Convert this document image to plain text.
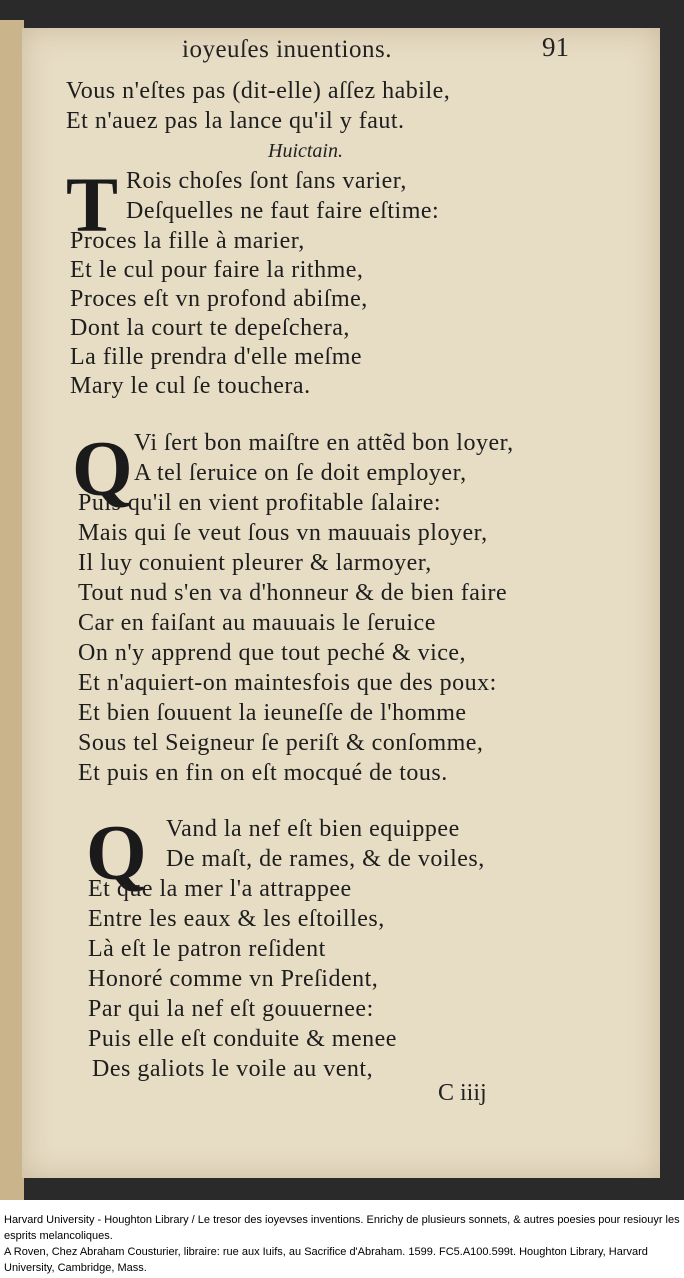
ioyeuſes inuentions.	91
Vous n'eſtes pas (dit-elle) aſſez habile,
Et n'auez pas la lance qu'il y faut.
Huictain.
T Rois choſes ſont ſans varier,
Deſquelles ne faut faire eſtime:
Proces la fille à marier,
Et le cul pour faire la rithme,
Proces eſt vn profond abiſme,
Dont la court te depeſchera,
La fille prendra d'elle meſme
Mary le cul ſe touchera.
Q Vi ſert bon maiſtre en attẽd bon loyer,
A tel ſeruice on ſe doit employer,
Puis qu'il en vient profitable ſalaire:
Mais qui ſe veut ſous vn mauuais ployer,
Il luy conuient pleurer & larmoyer,
Tout nud s'en va d'honneur & de bien faire
Car en faiſant au mauuais le ſeruice
On n'y apprend que tout peché & vice,
Et n'aquiert-on maintesfois que des poux:
Et bien ſouuent la ieuneſſe de l'homme
Sous tel Seigneur ſe periſt & conſomme,
Et puis en fin on eſt mocqué de tous.
Q Vand la nef eſt bien equippee
De maſt, de rames, & de voiles,
Et que la mer l'a attrappee
Entre les eaux & les eſtoilles,
Là eſt le patron reſident
Honoré comme vn Preſident,
Par qui la nef eſt gouuernee:
Puis elle eſt conduite & menee
Des galiots le voile au vent,
C iiij

Harvard University - Houghton Library / Le tresor des ioyevses inventions. Enrichy de plusieurs sonnets, & autres poesies pour resiouyr les esprits melancoliques.

A Roven, Chez Abraham Cousturier, libraire: rue aux Iuifs, au Sacrifice d'Abraham. 1599. FC5.A100.599t. Houghton Library, Harvard University, Cambridge, Mass.
